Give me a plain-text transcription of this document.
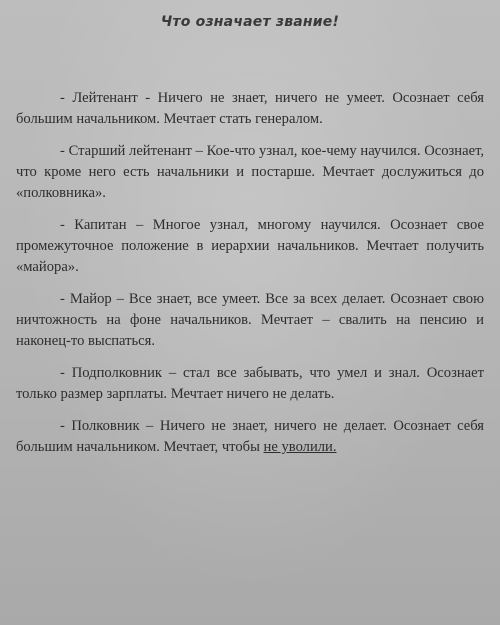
Что означает звание!
- Лейтенант - Ничего не знает, ничего не умеет. Осознает себя большим начальником. Мечтает стать генералом.
- Старший лейтенант – Кое-что узнал, кое-чему научился. Осознает, что кроме него есть начальники и постарше. Мечтает дослужиться до «полковника».
- Капитан – Многое узнал, многому научился. Осознает свое промежуточное положение в иерархии начальников. Мечтает получить «майора».
- Майор – Все знает, все умеет. Все за всех делает. Осознает свою ничтожность на фоне начальников. Мечтает – свалить на пенсию и наконец-то выспаться.
- Подполковник – стал все забывать, что умел и знал. Осознает только размер зарплаты. Мечтает ничего не делать.
- Полковник – Ничего не знает, ничего не делает. Осознает себя большим начальником. Мечтает, чтобы не уволили.
